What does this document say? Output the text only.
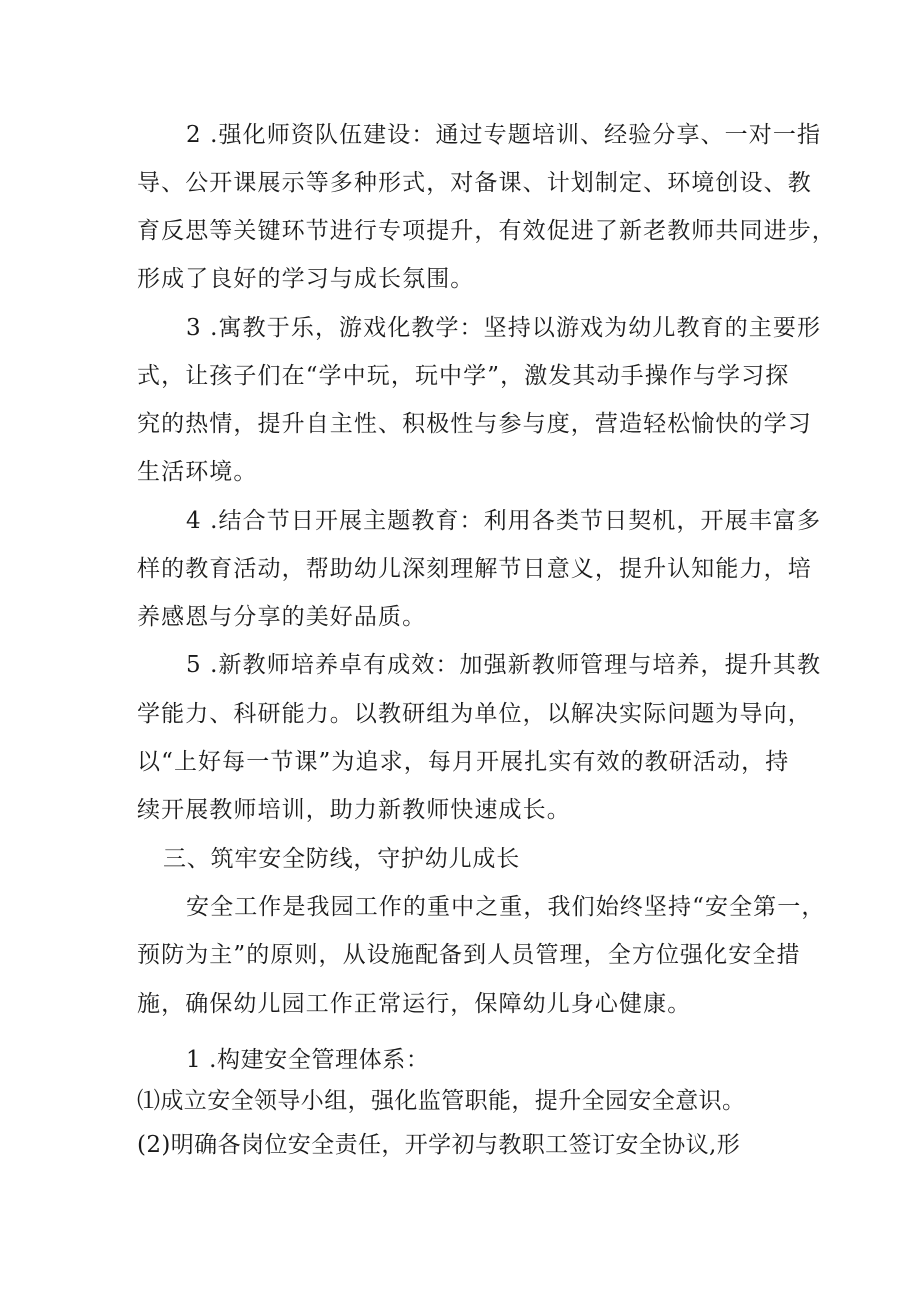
2 .强化师资队伍建设：通过专题培训、经验分享、一对一指
导、公开课展示等多种形式，对备课、计划制定、环境创设、教
育反思等关键环节进行专项提升，有效促进了新老教师共同进步，
形成了良好的学习与成长氛围。
3 .寓教于乐，游戏化教学：坚持以游戏为幼儿教育的主要形
式，让孩子们在“学中玩，玩中学”，激发其动手操作与学习探
究的热情，提升自主性、积极性与参与度，营造轻松愉快的学习
生活环境。
4 .结合节日开展主题教育：利用各类节日契机，开展丰富多
样的教育活动，帮助幼儿深刻理解节日意义，提升认知能力，培
养感恩与分享的美好品质。
5 .新教师培养卓有成效：加强新教师管理与培养，提升其教
学能力、科研能力。以教研组为单位，以解决实际问题为导向，
以“上好每一节课”为追求，每月开展扎实有效的教研活动，持
续开展教师培训，助力新教师快速成长。
三、筑牢安全防线，守护幼儿成长
安全工作是我园工作的重中之重，我们始终坚持“安全第一，
预防为主”的原则，从设施配备到人员管理，全方位强化安全措
施，确保幼儿园工作正常运行，保障幼儿身心健康。
1 .构建安全管理体系：
⑴成立安全领导小组，强化监管职能，提升全园安全意识。
(2)明确各岗位安全责任，开学初与教职工签订安全协议,形
